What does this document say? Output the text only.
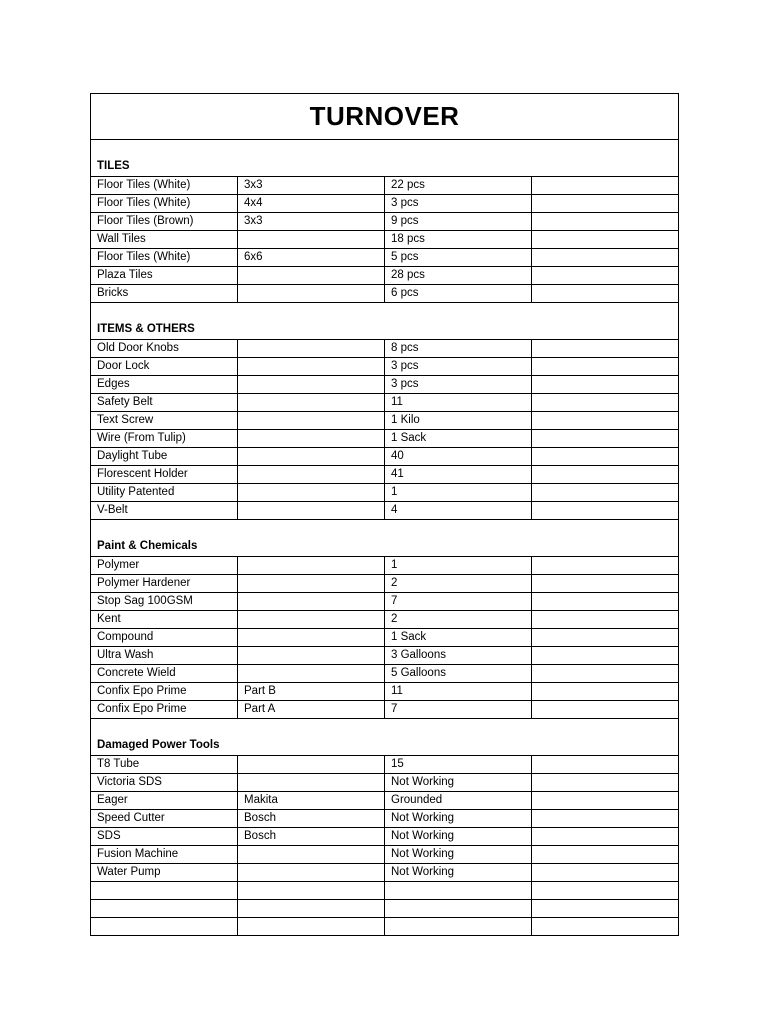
TURNOVER			
TILES			
Floor Tiles (White)	3x3	22 pcs	
Floor Tiles (White)	4x4	3 pcs	
Floor Tiles (Brown)	3x3	9 pcs	
Wall Tiles		18 pcs	
Floor Tiles (White)	6x6	5 pcs	
Plaza Tiles		28 pcs	
Bricks		6 pcs	
ITEMS & OTHERS			
Old Door Knobs		8 pcs	
Door Lock		3 pcs	
Edges		3 pcs	
Safety Belt		11	
Text Screw		1 Kilo	
Wire (From Tulip)		1 Sack	
Daylight Tube		40	
Florescent Holder		41	
Utility Patented		1	
V-Belt		4	
Paint & Chemicals			
Polymer		1	
Polymer Hardener		2	
Stop Sag 100GSM		7	
Kent		2	
Compound		1 Sack	
Ultra Wash		3 Galloons	
Concrete Wield		5 Galloons	
Confix Epo Prime	Part B	11	
Confix Epo Prime	Part A	7	
Damaged Power Tools			
T8 Tube		15	
Victoria SDS		Not Working	
Eager	Makita	Grounded	
Speed Cutter	Bosch	Not Working	
SDS	Bosch	Not Working	
Fusion Machine		Not Working	
Water Pump		Not Working	
